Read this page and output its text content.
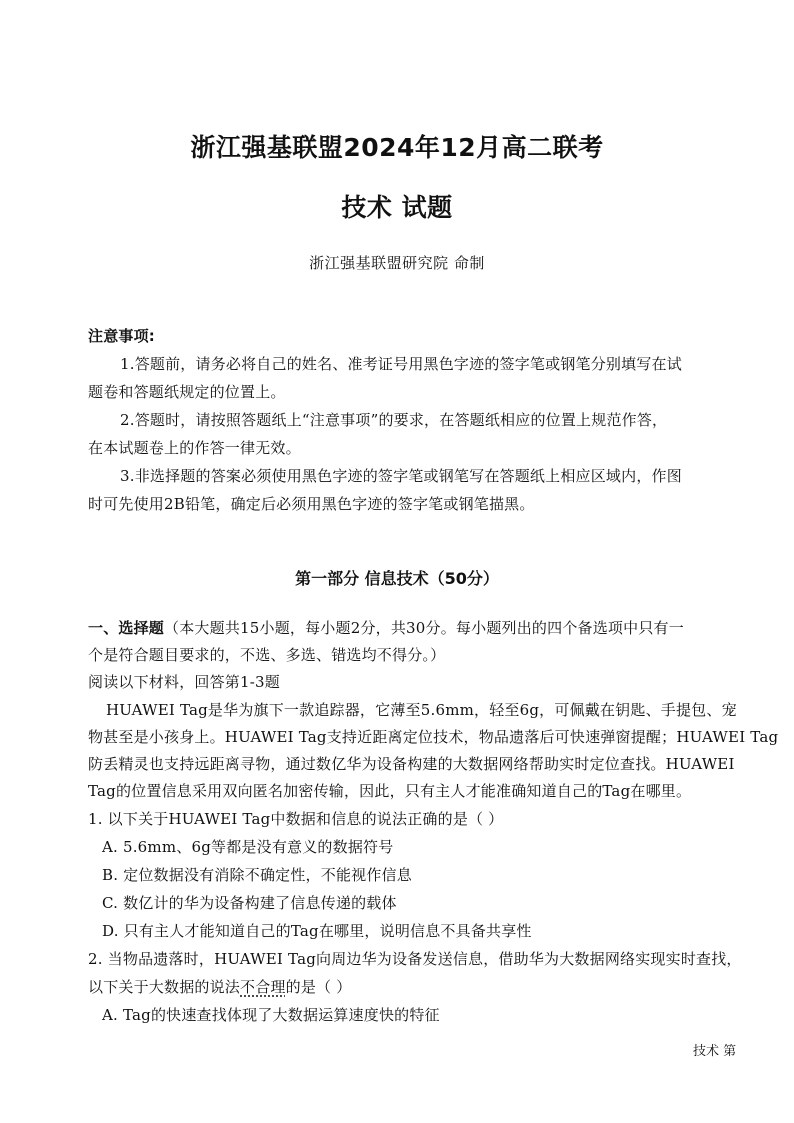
浙江强基联盟2024年12月高二联考
技术 试题
浙江强基联盟研究院 命制
注意事项:
1.答题前，请务必将自己的姓名、准考证号用黑色字迹的签字笔或钢笔分别填写在试
题卷和答题纸规定的位置上。
2.答题时，请按照答题纸上“注意事项”的要求，在答题纸相应的位置上规范作答，
在本试题卷上的作答一律无效。
3.非选择题的答案必须使用黑色字迹的签字笔或钢笔写在答题纸上相应区域内，作图
时可先使用2B铅笔，确定后必须用黑色字迹的签字笔或钢笔描黑。
第一部分 信息技术（50分）
一、选择题（本大题共15小题，每小题2分，共30分。每小题列出的四个备选项中只有一
个是符合题目要求的，不选、多选、错选均不得分。）
阅读以下材料，回答第1-3题
HUAWEI Tag是华为旗下一款追踪器，它薄至5.6mm，轻至6g，可佩戴在钥匙、手提包、宠
物甚至是小孩身上。HUAWEI Tag支持近距离定位技术，物品遗落后可快速弹窗提醒；HUAWEI Tag
防丢精灵也支持远距离寻物，通过数亿华为设备构建的大数据网络帮助实时定位查找。HUAWEI
Tag的位置信息采用双向匿名加密传输，因此，只有主人才能准确知道自己的Tag在哪里。
1. 以下关于HUAWEI Tag中数据和信息的说法正确的是（ ）
A. 5.6mm、6g等都是没有意义的数据符号
B. 定位数据没有消除不确定性，不能视作信息
C. 数亿计的华为设备构建了信息传递的载体
D. 只有主人才能知道自己的Tag在哪里，说明信息不具备共享性
2. 当物品遗落时，HUAWEI Tag向周边华为设备发送信息，借助华为大数据网络实现实时查找，
以下关于大数据的说法不合理的是（ ）
A. Tag的快速查找体现了大数据运算速度快的特征
技术 第
